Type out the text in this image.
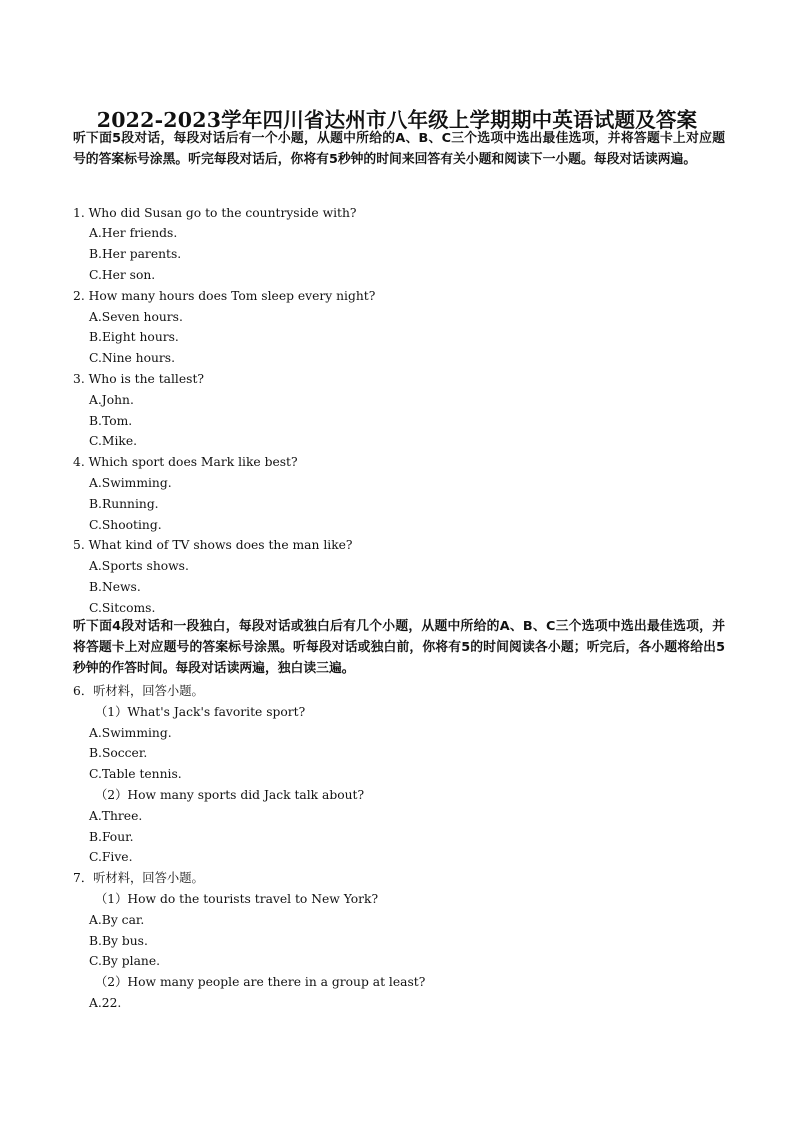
2022-2023学年四川省达州市八年级上学期期中英语试题及答案
听下面5段对话，每段对话后有一个小题，从题中所给的A、B、C三个选项中选出最佳选项，并将答题卡上对应题号的答案标号涂黑。听完每段对话后，你将有5秒钟的时间来回答有关小题和阅读下一小题。每段对话读两遍。
1. Who did Susan go to the countryside with?
A.Her friends.
B.Her parents.
C.Her son.
2. How many hours does Tom sleep every night?
A.Seven hours.
B.Eight hours.
C.Nine hours.
3. Who is the tallest?
A.John.
B.Tom.
C.Mike.
4. Which sport does Mark like best?
A.Swimming.
B.Running.
C.Shooting.
5. What kind of TV shows does the man like?
A.Sports shows.
B.News.
C.Sitcoms.
听下面4段对话和一段独白，每段对话或独白后有几个小题，从题中所给的A、B、C三个选项中选出最佳选项，并将答题卡上对应题号的答案标号涂黑。听每段对话或独白前，你将有5的时间阅读各小题；听完后，各小题将给出5秒钟的作答时间。每段对话读两遍，独白读三遍。
6．听材料，回答小题。
（1）What's Jack's favorite sport?
A.Swimming.
B.Soccer.
C.Table tennis.
（2）How many sports did Jack talk about?
A.Three.
B.Four.
C.Five.
7．听材料，回答小题。
（1）How do the tourists travel to New York?
A.By car.
B.By bus.
C.By plane.
（2）How many people are there in a group at least?
A.22.
